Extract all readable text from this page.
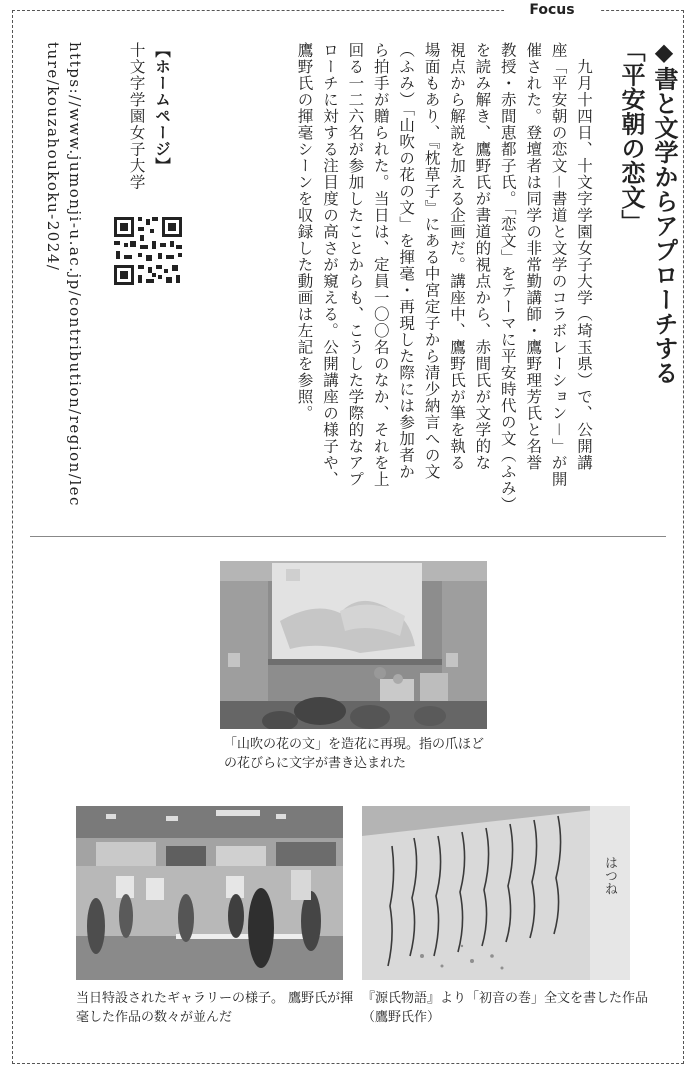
Focus
◆書と文学からアプローチする
「平安朝の恋文」

　九月十四日、十文字学園女子大学（埼玉県）で、公開講
座「平安朝の恋文－書道と文学のコラボレーション－」が開
催された。登壇者は同学の非常勤講師・鷹野理芳氏と名誉
教授・赤間恵都子氏。「恋文」をテーマに平安時代の文（ふみ）
を読み解き、鷹野氏が書道的視点から、赤間氏が文学的な
視点から解説を加える企画だ。講座中、鷹野氏が筆を執る
場面もあり、『枕草子』にある中宮定子から清少納言への文
（ふみ）「山吹の花の文」を揮毫・再現した際には参加者か
ら拍手が贈られた。当日は、定員一〇〇名のなか、それを上
回る一二六名が参加したことからも、こうした学際的なアプ
ローチに対する注目度の高さが窺える。公開講座の様子や、
鷹野氏の揮毫シーンを収録した動画は左記を参照。

【ホームページ】
十文字学園女子大学

https://www.jumonji-u.ac.jp/contribution/region/lecture/kouzahoukoku-2024/

「山吹の花の文」を造花に再現。指の爪ほど の花びらに文字が書き込まれた

当日特設されたギャラリーの様子。 鷹野氏が揮毫した作品の数々が並んだ

はつね

『源氏物語』より「初音の巻」全文を書した作品 （鷹野氏作）
